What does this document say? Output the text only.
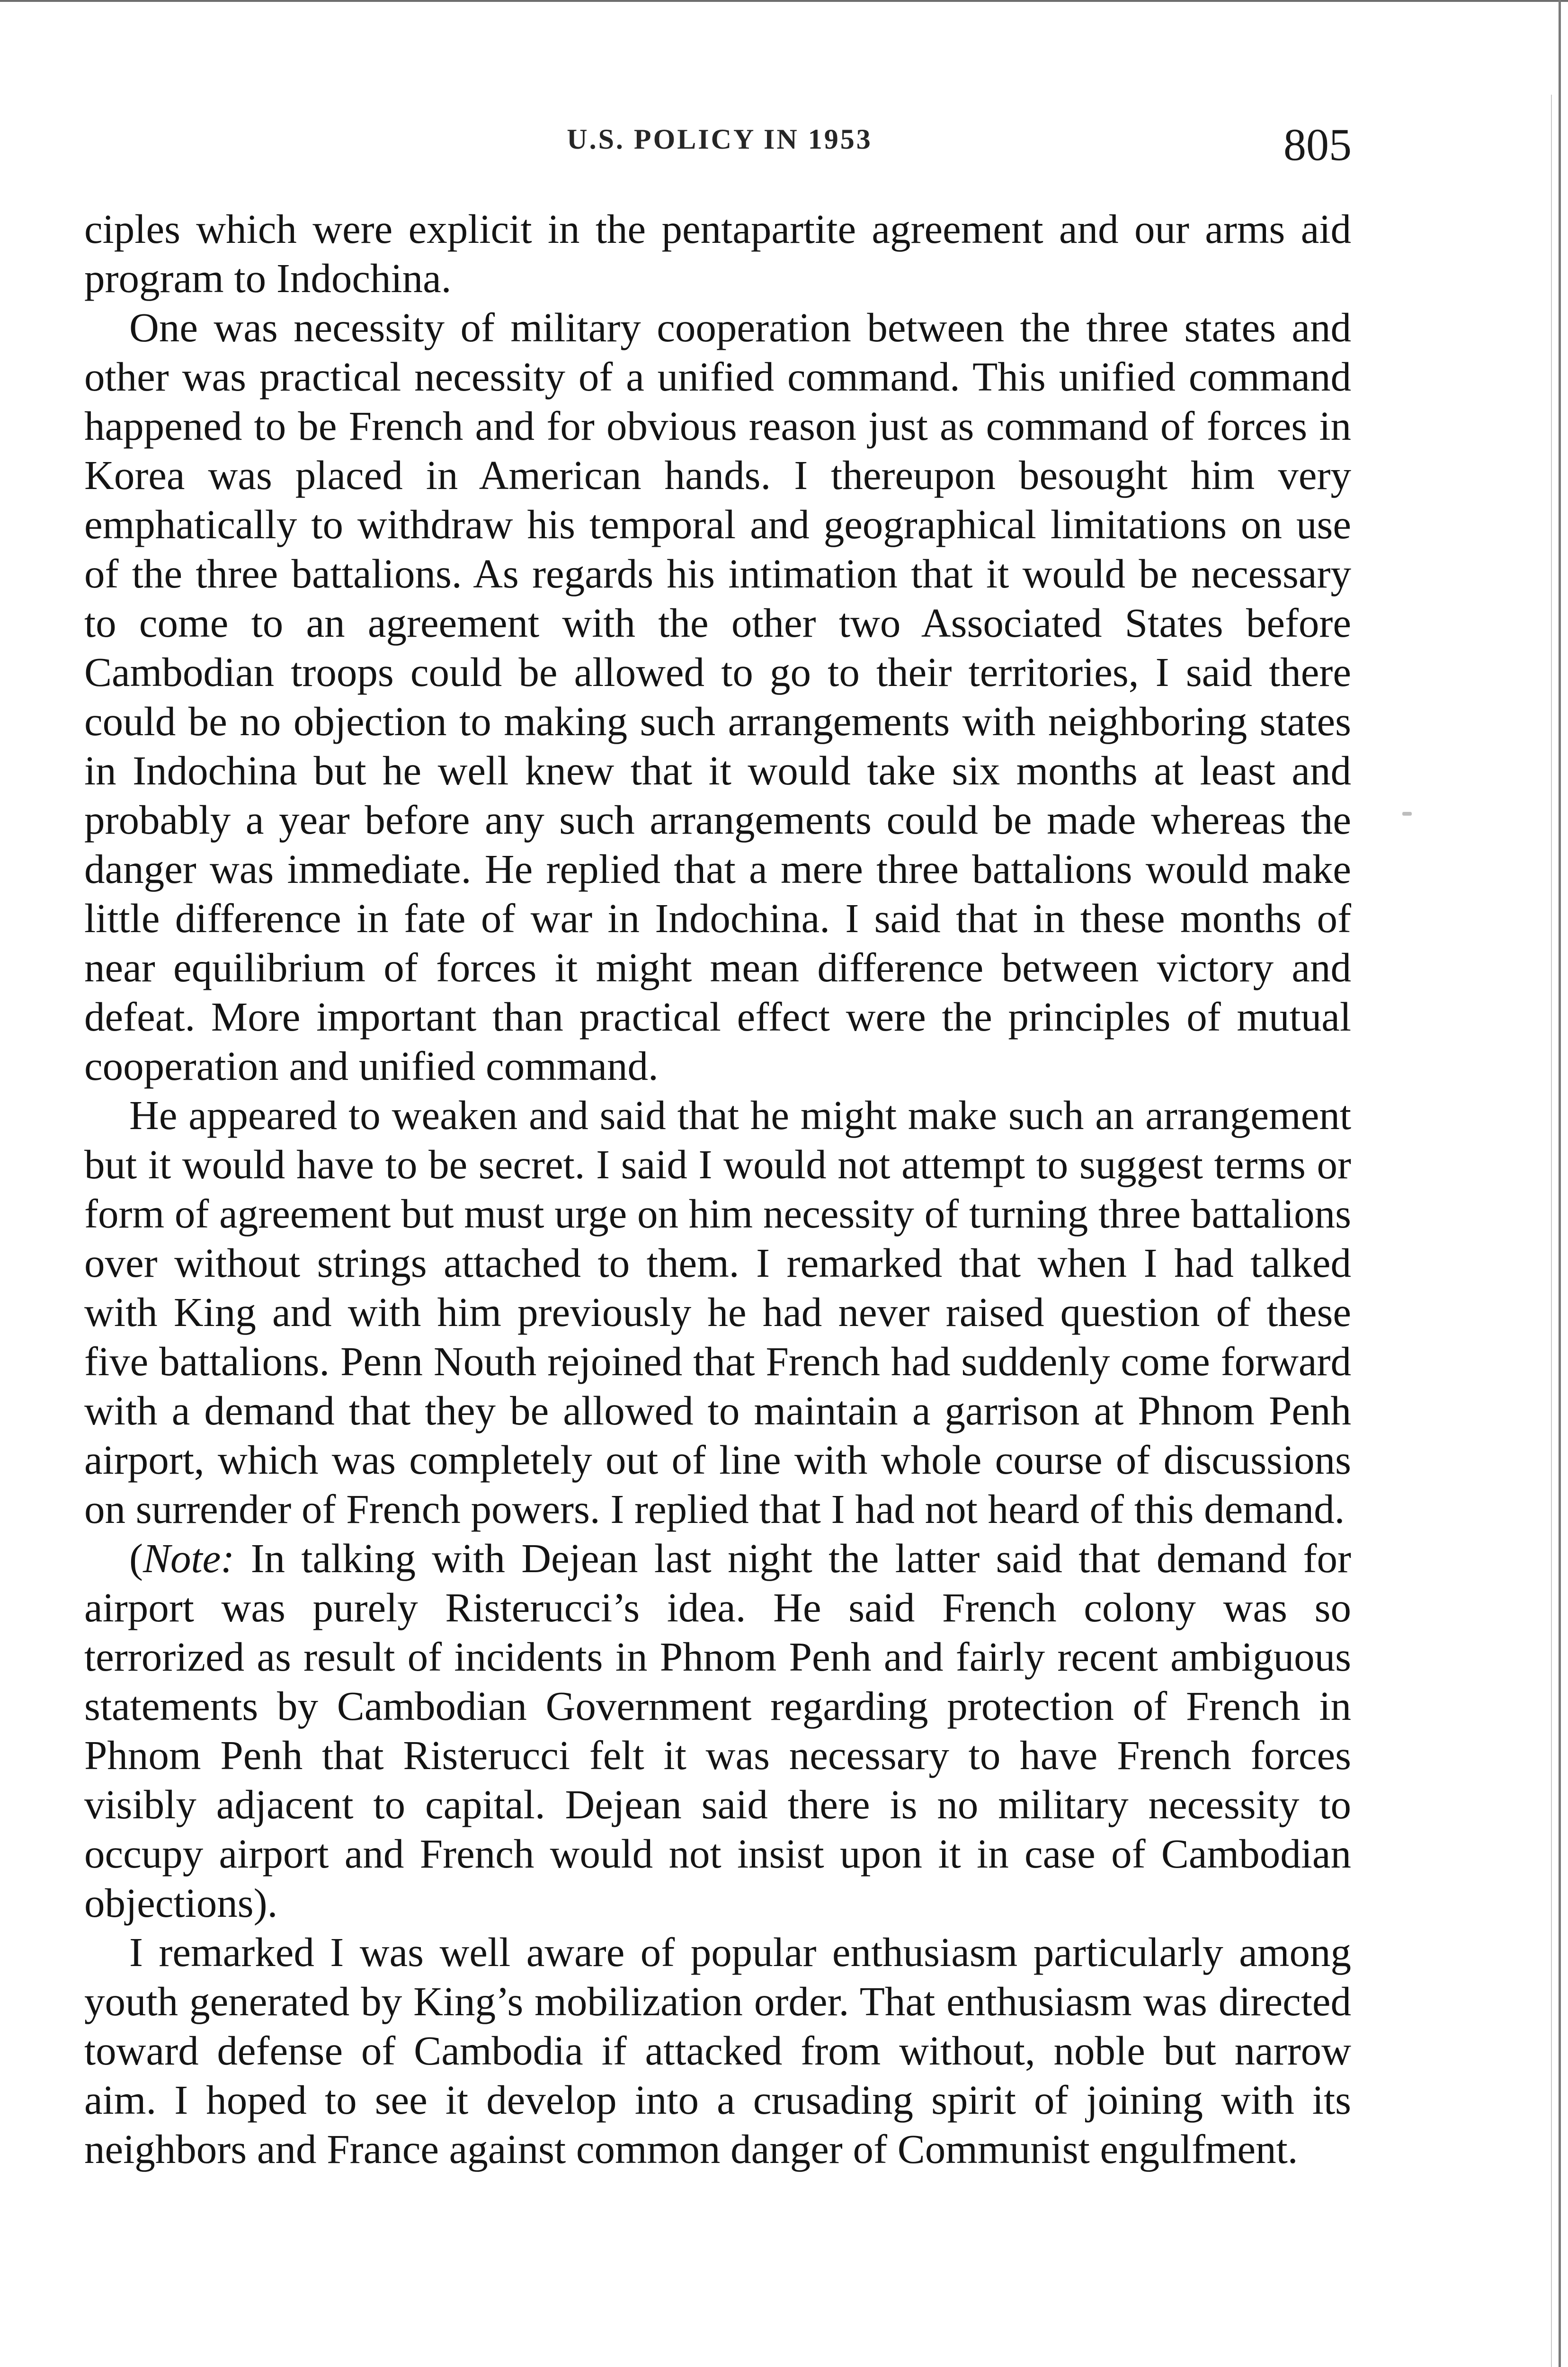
U.S. POLICY IN 1953	805

ciples which were explicit in the pentapartite agreement and our arms aid program to Indochina.

One was necessity of military cooperation between the three states and other was practical necessity of a unified command. This unified command happened to be French and for obvious reason just as command of forces in Korea was placed in American hands. I thereupon besought him very emphatically to withdraw his temporal and geographical limitations on use of the three battalions. As regards his intimation that it would be necessary to come to an agreement with the other two Associated States before Cambodian troops could be allowed to go to their territories, I said there could be no objection to making such arrangements with neighboring states in Indochina but he well knew that it would take six months at least and probably a year before any such arrangements could be made whereas the danger was immediate. He replied that a mere three battalions would make little difference in fate of war in Indochina. I said that in these months of near equilibrium of forces it might mean difference between victory and defeat. More important than practical effect were the principles of mutual cooperation and unified command.

He appeared to weaken and said that he might make such an arrangement but it would have to be secret. I said I would not attempt to suggest terms or form of agreement but must urge on him necessity of turning three battalions over without strings attached to them. I remarked that when I had talked with King and with him previously he had never raised question of these five battalions. Penn Nouth rejoined that French had suddenly come forward with a demand that they be allowed to maintain a garrison at Phnom Penh airport, which was completely out of line with whole course of discussions on surrender of French powers. I replied that I had not heard of this demand.

(Note: In talking with Dejean last night the latter said that demand for airport was purely Risterucci’s idea. He said French colony was so terrorized as result of incidents in Phnom Penh and fairly recent ambiguous statements by Cambodian Government regarding protection of French in Phnom Penh that Risterucci felt it was necessary to have French forces visibly adjacent to capital. Dejean said there is no military necessity to occupy airport and French would not insist upon it in case of Cambodian objections).

I remarked I was well aware of popular enthusiasm particularly among youth generated by King’s mobilization order. That enthusiasm was directed toward defense of Cambodia if attacked from without, noble but narrow aim. I hoped to see it develop into a crusading spirit of joining with its neighbors and France against common danger of Communist engulfment.
